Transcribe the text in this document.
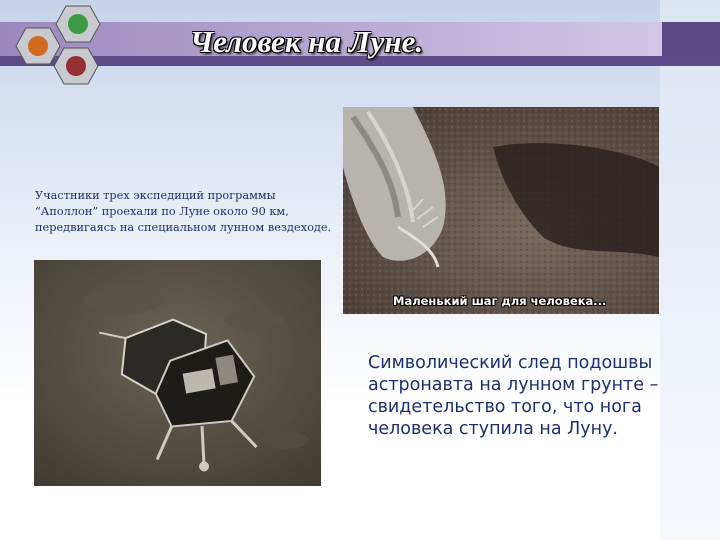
Человек на Луне.
Участники трех экспедиций программы “Аполлон” проехали по Луне около 90 км, передвигаясь на специальном лунном вездеходе.
Маленький шаг для человека...
Символический след подошвы астронавта на лунном грунте – свидетельство того, что нога человека ступила на Луну.
